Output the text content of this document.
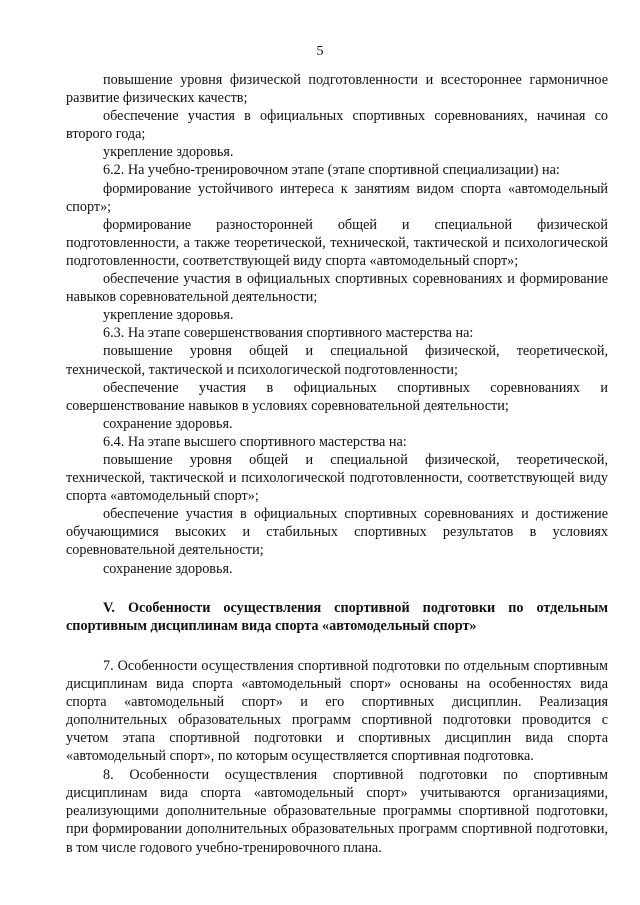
5

повышение уровня физической подготовленности и всестороннее гармоничное развитие физических качеств;

обеспечение участия в официальных спортивных соревнованиях, начиная со второго года;

укрепление здоровья.

6.2. На учебно-тренировочном этапе (этапе спортивной специализации) на:

формирование устойчивого интереса к занятиям видом спорта «автомодельный спорт»;

формирование разносторонней общей и специальной физической подготовленности, а также теоретической, технической, тактической и психологической подготовленности, соответствующей виду спорта «автомодельный спорт»;

обеспечение участия в официальных спортивных соревнованиях и формирование навыков соревновательной деятельности;

укрепление здоровья.

6.3. На этапе совершенствования спортивного мастерства на:

повышение уровня общей и специальной физической, теоретической, технической, тактической и психологической подготовленности;

обеспечение участия в официальных спортивных соревнованиях и совершенствование навыков в условиях соревновательной деятельности;

сохранение здоровья.

6.4. На этапе высшего спортивного мастерства на:

повышение уровня общей и специальной физической, теоретической, технической, тактической и психологической подготовленности, соответствующей виду спорта «автомодельный спорт»;

обеспечение участия в официальных спортивных соревнованиях и достижение обучающимися высоких и стабильных спортивных результатов в условиях соревновательной деятельности;

сохранение здоровья.

V. Особенности осуществления спортивной подготовки по отдельным спортивным дисциплинам вида спорта «автомодельный спорт»

7. Особенности осуществления спортивной подготовки по отдельным спортивным дисциплинам вида спорта «автомодельный спорт» основаны на особенностях вида спорта «автомодельный спорт» и его спортивных дисциплин. Реализация дополнительных образовательных программ спортивной подготовки проводится с учетом этапа спортивной подготовки и спортивных дисциплин вида спорта «автомодельный спорт», по которым осуществляется спортивная подготовка.

8. Особенности осуществления спортивной подготовки по спортивным дисциплинам вида спорта «автомодельный спорт» учитываются организациями, реализующими дополнительные образовательные программы спортивной подготовки, при формировании дополнительных образовательных программ спортивной подготовки, в том числе годового учебно-тренировочного плана.
